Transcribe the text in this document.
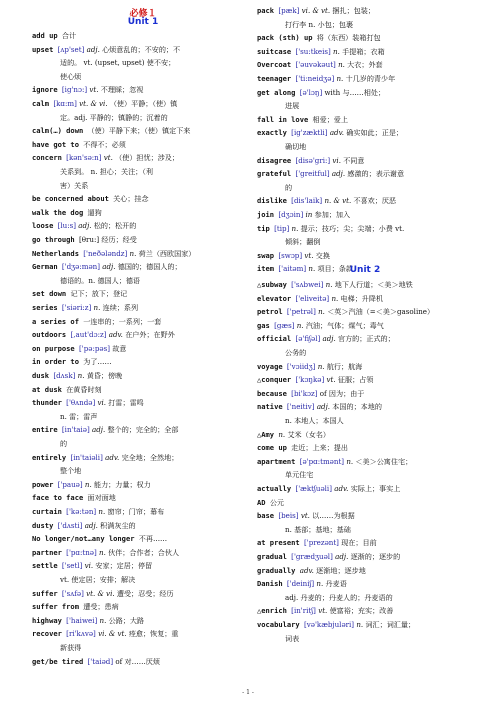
必修１
Unit 1
add up 合计
upset [ʌp'set] adj. 心烦意乱的；不安的；不
适的。 vt. (upset, upset) 使不安；
使心烦
ignore [ig'nɔ:] vt. 不理睬；忽视
calm [kɑ:m] vt. & vi. （使）平静；（使）镇
定。adj. 平静的；镇静的；沉着的
calm(…) down （使）平静下来；（使）镇定下来
have got to 不得不；必须
concern [kən'sə:n] vt. （使）担忧；涉及；
关系到。 n. 担心；关注；（利
害）关系
be concerned about 关心；挂念
walk the dog 遛狗
loose [lu:s] adj. 松的；松开的
go through [θru:] 经历；经受
Netherlands ['neðələndz] n. 荷兰（西欧国家）
German ['dʒə:mən] adj. 德国的；德国人的；
德语的。n. 德国人；德语
set down 记下；放下；登记
series ['siəri:z] n. 连续；系列
a series of 一连串的；一系列；一套
outdoors [,aut'dɔ:z] adv. 在户外；在野外
on purpose ['pə:pəs] 故意
in order to 为了……
dusk [dʌsk] n. 黄昏；傍晚
at dusk 在黄昏时刻
thunder ['θʌndə] vi. 打雷；雷鸣
n. 雷；雷声
entire [in'taiə] adj. 整个的；完全的；全部
的
entirely [in'taiəli] adv. 完全地；全然地；
整个地
power ['pauə] n. 能力；力量；权力
face to face 面对面地
curtain ['kə:tən] n. 窗帘；门帘；幕布
dusty ['dʌsti] adj. 积满灰尘的
No longer/not…any longer 不再……
partner ['pɑ:tnə] n. 伙伴；合作者；合伙人
settle ['setl] vi. 安家；定居；停留
vt. 使定居；安排；解决
suffer ['sʌfə] vt. & vi. 遭受；忍受；经历
suffer from 遭受；患病
highway ['haiwei] n. 公路；大路
recover [ri'kʌvə] vi. & vt. 痊愈；恢复；重
新获得
get/be tired ['taiəd] of 对……厌烦
pack [pæk] vi. & vt. 捆扎；包装；
打行李 n. 小包；包裹
pack (sth) up 将（东西）装箱打包
suitcase ['su:tkeis] n. 手提箱；衣箱
Overcoat ['əuvəkəut] n. 大衣；外套
teenager ['ti:neidʒə] n. 十几岁的青少年
get along [ə'lɔŋ] with 与……相处；
进展
fall in love 相爱；爱上
exactly [ig'zæktli] adv. 确实如此；正是；
确切地
disagree [disə'gri:] vi. 不同意
grateful ['greitful] adj. 感激的；表示谢意
的
dislike [dis'laik] n. & vt. 不喜欢；厌恶
join [dʒɔin] in 参加；加入
tip [tip] n. 提示；技巧；尖；尖端；小费 vt.
倾斜；翻倒
swap [swɔp] vt. 交换
item ['aitəm] n. 项目；条款
Unit 2
△subway ['sʌbwei] n. 地下人行道；＜美＞地铁
elevator ['eliveitə] n. 电梯；升降机
petrol ['petrəl] n. ＜英＞汽油（=＜美＞gasoline）
gas [gæs] n. 汽油；气体；煤气；毒气
official [ə'fiʃəl] adj. 官方的；正式的；
公务的
voyage ['vɔiidʒ] n. 航行；航海
△conquer ['kɔŋkə] vt. 征服；占领
because [bi'kɔz] of 因为；由于
native ['neitiv] adj. 本国的；本地的
n. 本地人；本国人
△Amy n. 艾米（女名）
come up 走近；上来；提出
apartment [ə'pɑ:tmənt] n. ＜美＞公寓住宅；
单元住宅
actually ['æktʃuəli] adv. 实际上；事实上
AD 公元
base [beis] vt. 以……为根据
n. 基部；基地；基础
at present ['prezənt] 现在；目前
gradual ['grædʒuəl] adj. 逐渐的；逐步的
gradually adv. 逐渐地；逐步地
Danish ['deiniʃ] n. 丹麦语
adj. 丹麦的；丹麦人的；丹麦语的
△enrich [in'ritʃ] vt. 使富裕；充实；改善
vocabulary [və'kæbjuləri] n. 词汇；词汇量；
词表
- 1 -
